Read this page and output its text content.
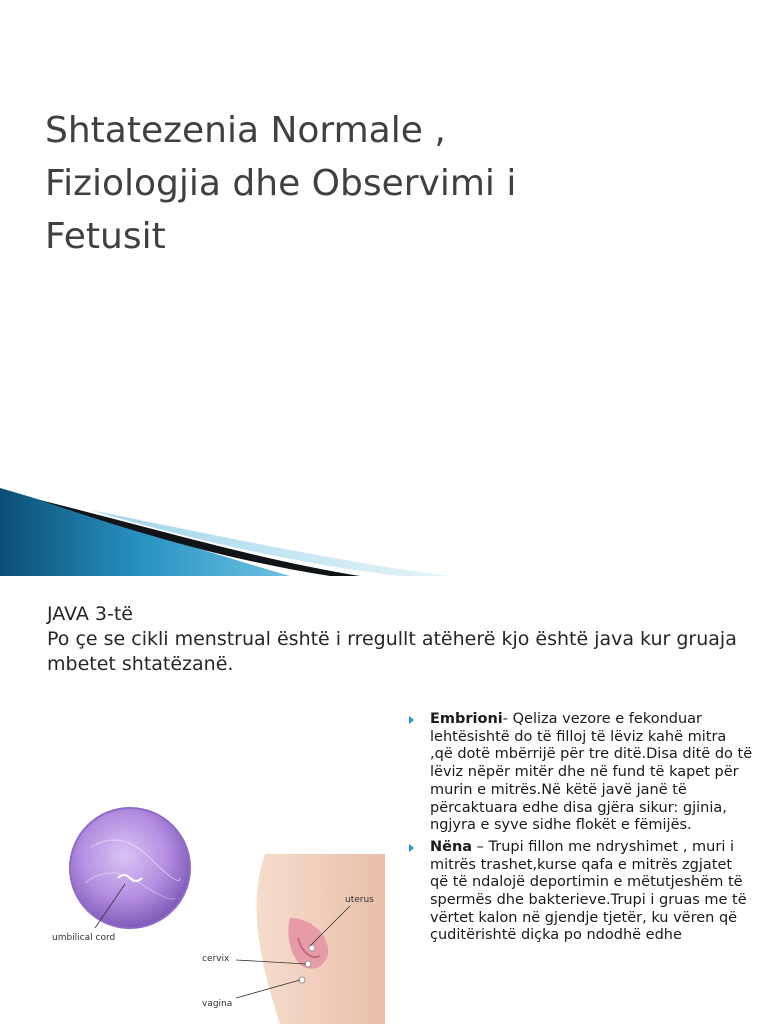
Shtatezenia Normale ,
Fiziologjia dhe Observimi i
Fetusit
JAVA 3-të
Po çe se cikli menstrual është i rregullt atëherë kjo është java kur gruaja mbetet shtatëzanë.
umbilical cord
uterus
cervix
vagina
Embrioni- Qeliza vezore e fekonduar lehtësishtë do të filloj të lëviz kahë mitra ,që dotë mbërrijë për tre ditë.Disa ditë do të lëviz nëpër mitër dhe në fund të kapet për murin e mitrës.Në këtë javë janë të përcaktuara edhe disa gjëra sikur: gjinia, ngjyra e syve sidhe flokët e fëmijës.
Nëna – Trupi fillon me ndryshimet , muri i mitrës trashet,kurse qafa e mitrës zgjatet që të ndalojë deportimin e mëtutjeshëm të spermës dhe bakterieve.Trupi i gruas me të vërtet kalon në gjendje tjetër, ku vëren që çuditërishtë diçka po ndodhë edhe
